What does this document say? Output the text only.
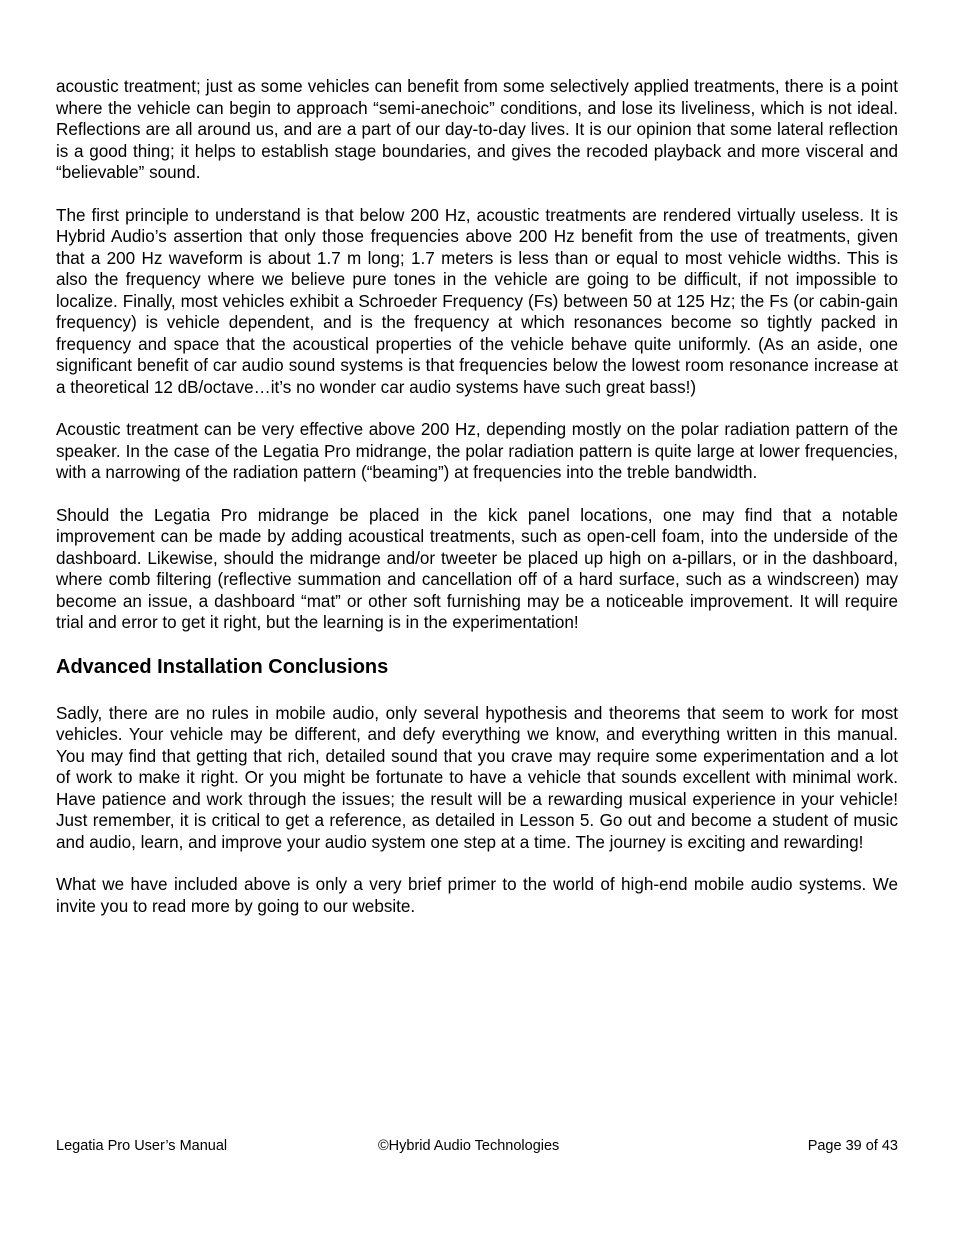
acoustic treatment; just as some vehicles can benefit from some selectively applied treatments, there is a point where the vehicle can begin to approach “semi-anechoic” conditions, and lose its liveliness, which is not ideal. Reflections are all around us, and are a part of our day-to-day lives. It is our opinion that some lateral reflection is a good thing; it helps to establish stage boundaries, and gives the recoded playback and more visceral and “believable” sound.

The first principle to understand is that below 200 Hz, acoustic treatments are rendered virtually useless. It is Hybrid Audio’s assertion that only those frequencies above 200 Hz benefit from the use of treatments, given that a 200 Hz waveform is about 1.7 m long; 1.7 meters is less than or equal to most vehicle widths. This is also the frequency where we believe pure tones in the vehicle are going to be difficult, if not impossible to localize. Finally, most vehicles exhibit a Schroeder Frequency (Fs) between 50 at 125 Hz; the Fs (or cabin-gain frequency) is vehicle dependent, and is the frequency at which resonances become so tightly packed in frequency and space that the acoustical properties of the vehicle behave quite uniformly. (As an aside, one significant benefit of car audio sound systems is that frequencies below the lowest room resonance increase at a theoretical 12 dB/octave…it’s no wonder car audio systems have such great bass!)

Acoustic treatment can be very effective above 200 Hz, depending mostly on the polar radiation pattern of the speaker. In the case of the Legatia Pro midrange, the polar radiation pattern is quite large at lower frequencies, with a narrowing of the radiation pattern (“beaming”) at frequencies into the treble bandwidth.

Should the Legatia Pro midrange be placed in the kick panel locations, one may find that a notable improvement can be made by adding acoustical treatments, such as open-cell foam, into the underside of the dashboard. Likewise, should the midrange and/or tweeter be placed up high on a-pillars, or in the dashboard, where comb filtering (reflective summation and cancellation off of a hard surface, such as a windscreen) may become an issue, a dashboard “mat” or other soft furnishing may be a noticeable improvement. It will require trial and error to get it right, but the learning is in the experimentation!

Advanced Installation Conclusions

Sadly, there are no rules in mobile audio, only several hypothesis and theorems that seem to work for most vehicles. Your vehicle may be different, and defy everything we know, and everything written in this manual. You may find that getting that rich, detailed sound that you crave may require some experimentation and a lot of work to make it right. Or you might be fortunate to have a vehicle that sounds excellent with minimal work. Have patience and work through the issues; the result will be a rewarding musical experience in your vehicle! Just remember, it is critical to get a reference, as detailed in Lesson 5. Go out and become a student of music and audio, learn, and improve your audio system one step at a time. The journey is exciting and rewarding!

What we have included above is only a very brief primer to the world of high-end mobile audio systems. We invite you to read more by going to our website.

Legatia Pro User’s Manual	©Hybrid Audio Technologies	Page 39 of 43
